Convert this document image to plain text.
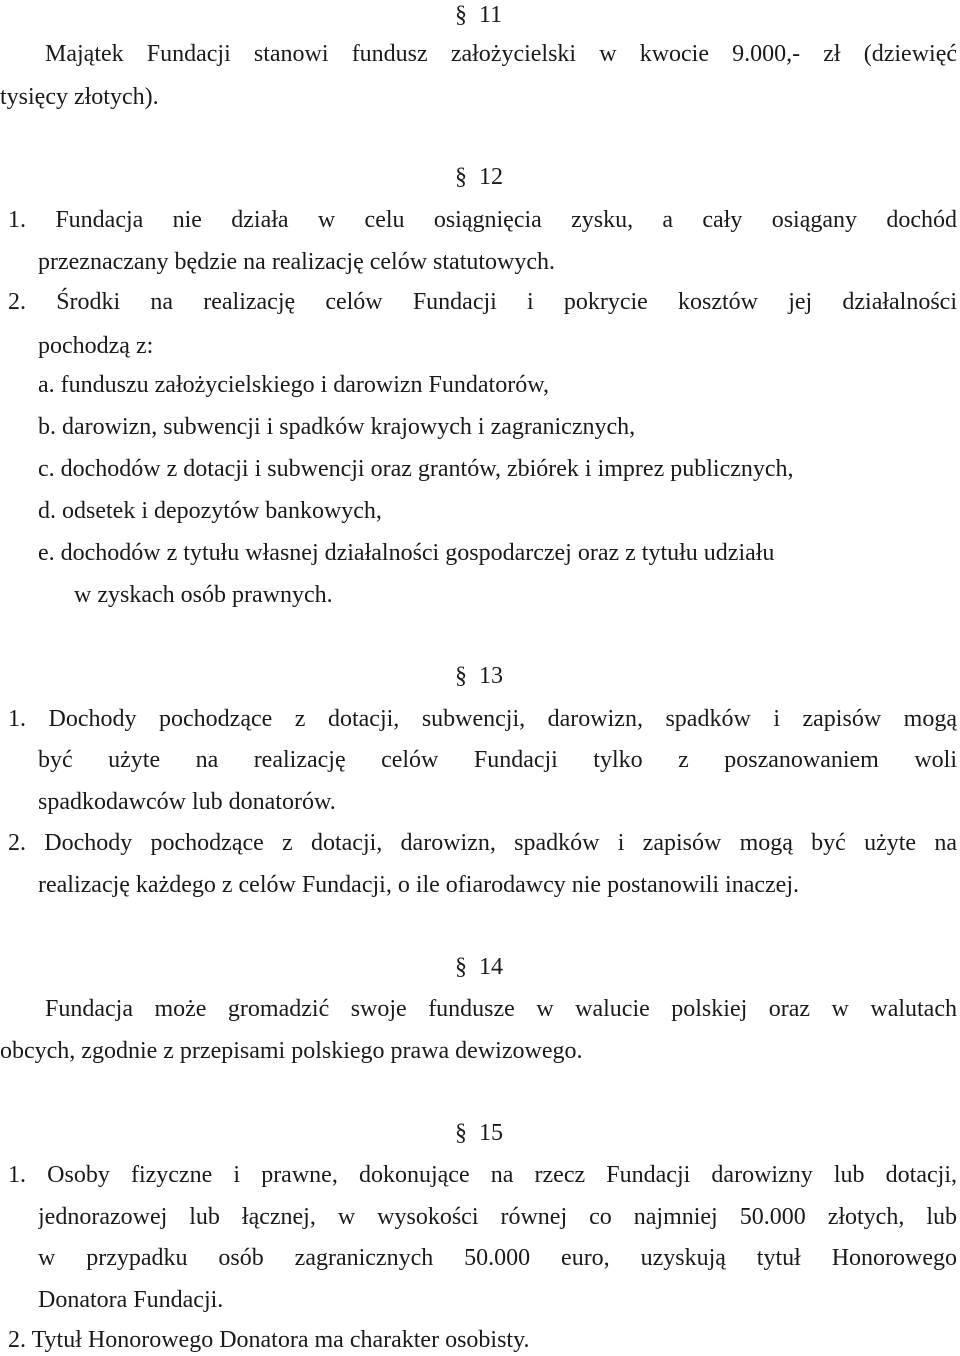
§ 11

Majątek Fundacji stanowi fundusz założycielski w kwocie 9.000,- zł (dziewięć

tysięcy złotych).

§ 12

1. Fundacja nie działa w celu osiągnięcia zysku, a cały osiągany dochód

przeznaczany będzie na realizację celów statutowych.

2. Środki na realizację celów Fundacji i pokrycie kosztów jej działalności

pochodzą z:

a. funduszu założycielskiego i darowizn Fundatorów,

b. darowizn, subwencji i spadków krajowych i zagranicznych,

c. dochodów z dotacji i subwencji oraz grantów, zbiórek i imprez publicznych,

d. odsetek i depozytów bankowych,

e. dochodów z tytułu własnej działalności gospodarczej oraz z tytułu udziału

w zyskach osób prawnych.

§ 13

1. Dochody pochodzące z dotacji, subwencji, darowizn, spadków i zapisów mogą

być użyte na realizację celów Fundacji tylko z poszanowaniem woli

spadkodawców lub donatorów.

2. Dochody pochodzące z dotacji, darowizn, spadków i zapisów mogą być użyte na

realizację każdego z celów Fundacji, o ile ofiarodawcy nie postanowili inaczej.

§ 14

Fundacja może gromadzić swoje fundusze w walucie polskiej oraz w walutach

obcych, zgodnie z przepisami polskiego prawa dewizowego.

§ 15

1. Osoby fizyczne i prawne, dokonujące na rzecz Fundacji darowizny lub dotacji,

jednorazowej lub łącznej, w wysokości równej co najmniej 50.000 złotych, lub

w przypadku osób zagranicznych 50.000 euro, uzyskują tytuł Honorowego

Donatora Fundacji.

2. Tytuł Honorowego Donatora ma charakter osobisty.
